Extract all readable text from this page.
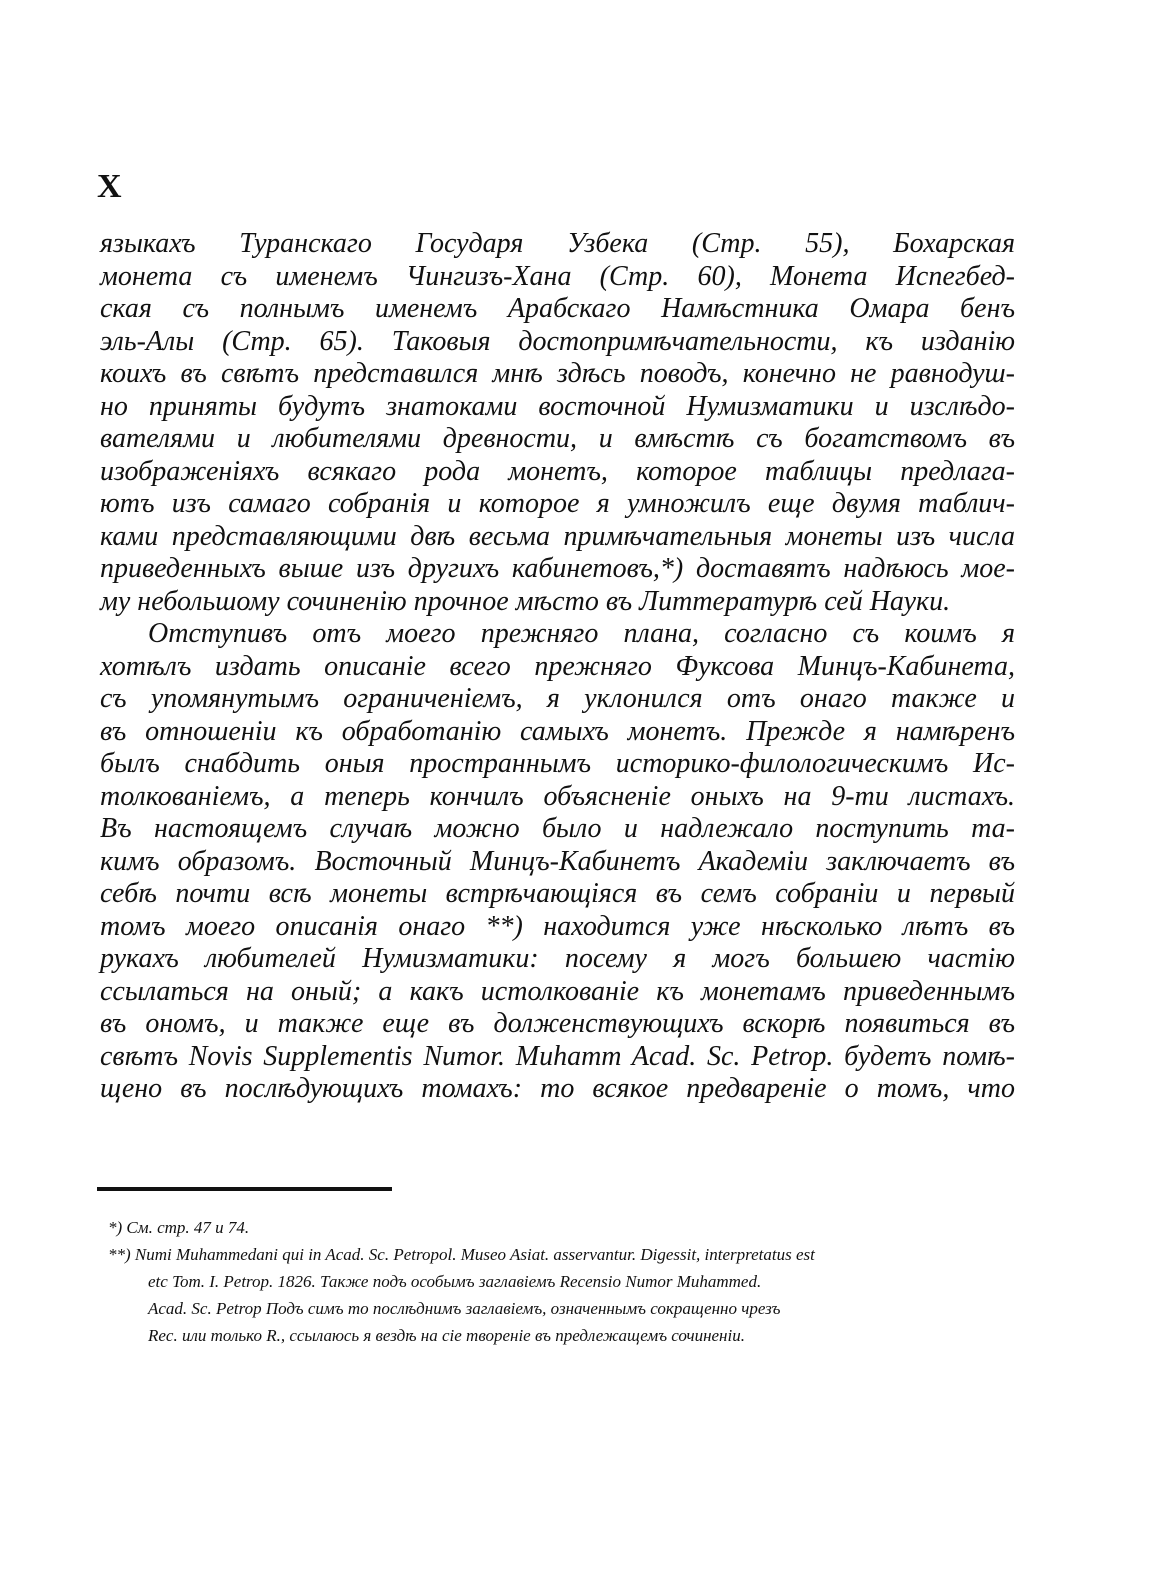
X
языкахъ Туранскаго Государя Узбека (Стр. 55), Бохарская
монета съ именемъ Чингизъ-Хана (Стр. 60), Монета Испегбед-
ская съ полнымъ именемъ Арабскаго Намѣстника Омара бенъ
эль-Алы (Стр. 65). Таковыя достопримѣчательности, къ изданію
коихъ въ свѣтъ представился мнѣ здѣсь поводъ, конечно не равнодуш-
но приняты будутъ знатоками восточной Нумизматики и изслѣдо-
вателями и любителями древности, и вмѣстѣ съ богатствомъ въ
изображеніяхъ всякаго рода монетъ, которое таблицы предлага-
ютъ изъ самаго собранія и которое я умножилъ еще двумя таблич-
ками представляющими двѣ весьма примѣчательныя монеты изъ числа
приведенныхъ выше изъ другихъ кабинетовъ,*) доставятъ надѣюсь мое-
му небольшому сочиненію прочное мѣсто въ Литтературѣ сей Науки.
Отступивъ отъ моего прежняго плана, согласно съ коимъ я
хотѣлъ издать описаніе всего прежняго Фуксова Минцъ-Кабинета,
съ упомянутымъ ограниченіемъ, я уклонился отъ онаго также и
въ отношеніи къ обработанію самыхъ монетъ. Прежде я намѣренъ
былъ снабдить оныя пространнымъ историко-филологическимъ Ис-
толкованіемъ, а теперь кончилъ объясненіе оныхъ на 9-ти листахъ.
Въ настоящемъ случаѣ можно было и надлежало поступить та-
кимъ образомъ. Восточный Минцъ-Кабинетъ Академіи заключаетъ въ
себѣ почти всѣ монеты встрѣчающіяся въ семъ собраніи и первый
томъ моего описанія онаго **) находится уже нѣсколько лѣтъ въ
рукахъ любителей Нумизматики: посему я могъ большею частію
ссылаться на оный; а какъ истолкованіе къ монетамъ приведеннымъ
въ ономъ, и также еще въ долженствующихъ вскорѣ появиться въ
свѣтъ Novis Supplementis Numor. Muhamm Acad. Sc. Petrop. будетъ помѣ-
щено въ послѣдующихъ томахъ: то всякое предвареніе о томъ, что
*) См. стр. 47 и 74.
**) Numi Muhammedani qui in Acad. Sc. Petropol. Museo Asiat. asservantur. Digessit, interpretatus est
etc Tom. I. Petrop. 1826. Также подъ особымъ заглавіемъ Recensio Numor Muhammed.
Acad. Sc. Petrop Подъ симъ то послѣднимъ заглавіемъ, означеннымъ сокращенно чрезъ
Rec. или только R., ссылаюсь я вездѣ на сіе твореніе въ предлежащемъ сочиненіи.
